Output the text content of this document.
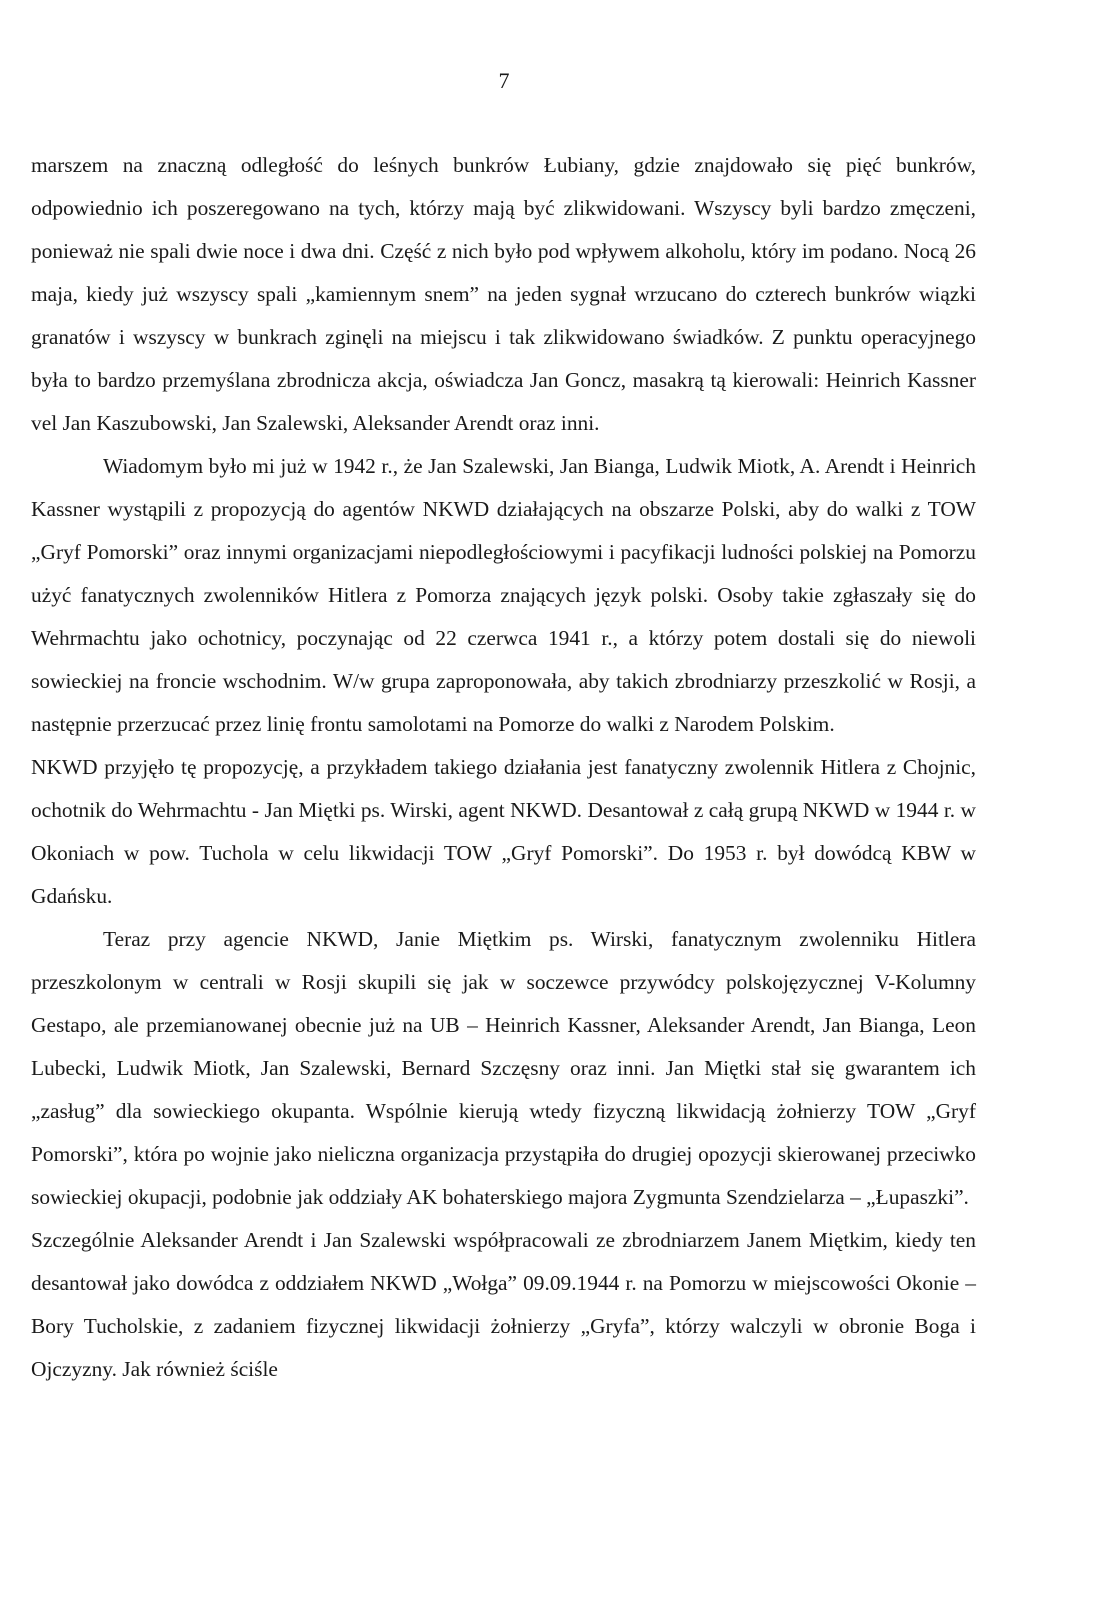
7

marszem na znaczną odległość do leśnych bunkrów Łubiany, gdzie znajdowało się pięć bunkrów, odpowiednio ich poszeregowano na tych, którzy mają być zlikwidowani. Wszyscy byli bardzo zmęczeni, ponieważ nie spali dwie noce i dwa dni. Część z nich było pod wpływem alkoholu, który im podano. Nocą 26 maja, kiedy już wszyscy spali „kamiennym snem” na jeden sygnał wrzucano do czterech bunkrów wiązki granatów i wszyscy w bunkrach zginęli na miejscu i tak zlikwidowano świadków. Z punktu operacyjnego była to bardzo przemyślana zbrodnicza akcja, oświadcza Jan Goncz, masakrą tą kierowali: Heinrich Kassner vel Jan Kaszubowski, Jan Szalewski, Aleksander Arendt oraz inni.

Wiadomym było mi już w 1942 r., że Jan Szalewski, Jan Bianga, Ludwik Miotk, A. Arendt i Heinrich Kassner wystąpili z propozycją do agentów NKWD działających na obszarze Polski, aby do walki z TOW „Gryf Pomorski” oraz innymi organizacjami niepodległościowymi i pacyfikacji ludności polskiej na Pomorzu użyć fanatycznych zwolenników Hitlera z Pomorza znających język polski. Osoby takie zgłaszały się do Wehrmachtu jako ochotnicy, poczynając od 22 czerwca 1941 r., a którzy potem dostali się do niewoli sowieckiej na froncie wschodnim. W/w grupa zaproponowała, aby takich zbrodniarzy przeszkolić w Rosji, a następnie przerzucać przez linię frontu samolotami na Pomorze do walki z Narodem Polskim.

NKWD przyjęło tę propozycję, a przykładem takiego działania jest fanatyczny zwolennik Hitlera z Chojnic, ochotnik do Wehrmachtu - Jan Miętki ps. Wirski, agent NKWD. Desantował z całą grupą NKWD w 1944 r. w Okoniach w pow. Tuchola w celu likwidacji TOW „Gryf Pomorski”. Do 1953 r. był dowódcą KBW w Gdańsku.

Teraz przy agencie NKWD, Janie Miętkim ps. Wirski, fanatycznym zwolenniku Hitlera przeszkolonym w centrali w Rosji skupili się jak w soczewce przywódcy polskojęzycznej V-Kolumny Gestapo, ale przemianowanej obecnie już na UB – Heinrich Kassner, Aleksander Arendt, Jan Bianga, Leon Lubecki, Ludwik Miotk, Jan Szalewski, Bernard Szczęsny oraz inni. Jan Miętki stał się gwarantem ich „zasług” dla sowieckiego okupanta. Wspólnie kierują wtedy fizyczną likwidacją żołnierzy TOW „Gryf Pomorski”, która po wojnie jako nieliczna organizacja przystąpiła do drugiej opozycji skierowanej przeciwko sowieckiej okupacji, podobnie jak oddziały AK bohaterskiego majora Zygmunta Szendzielarza – „Łupaszki”.

Szczególnie Aleksander Arendt i Jan Szalewski współpracowali ze zbrodniarzem Janem Miętkim, kiedy ten desantował jako dowódca z oddziałem NKWD „Wołga” 09.09.1944 r. na Pomorzu w miejscowości Okonie – Bory Tucholskie, z zadaniem fizycznej likwidacji żołnierzy „Gryfa”, którzy walczyli w obronie Boga i Ojczyzny. Jak również ściśle
